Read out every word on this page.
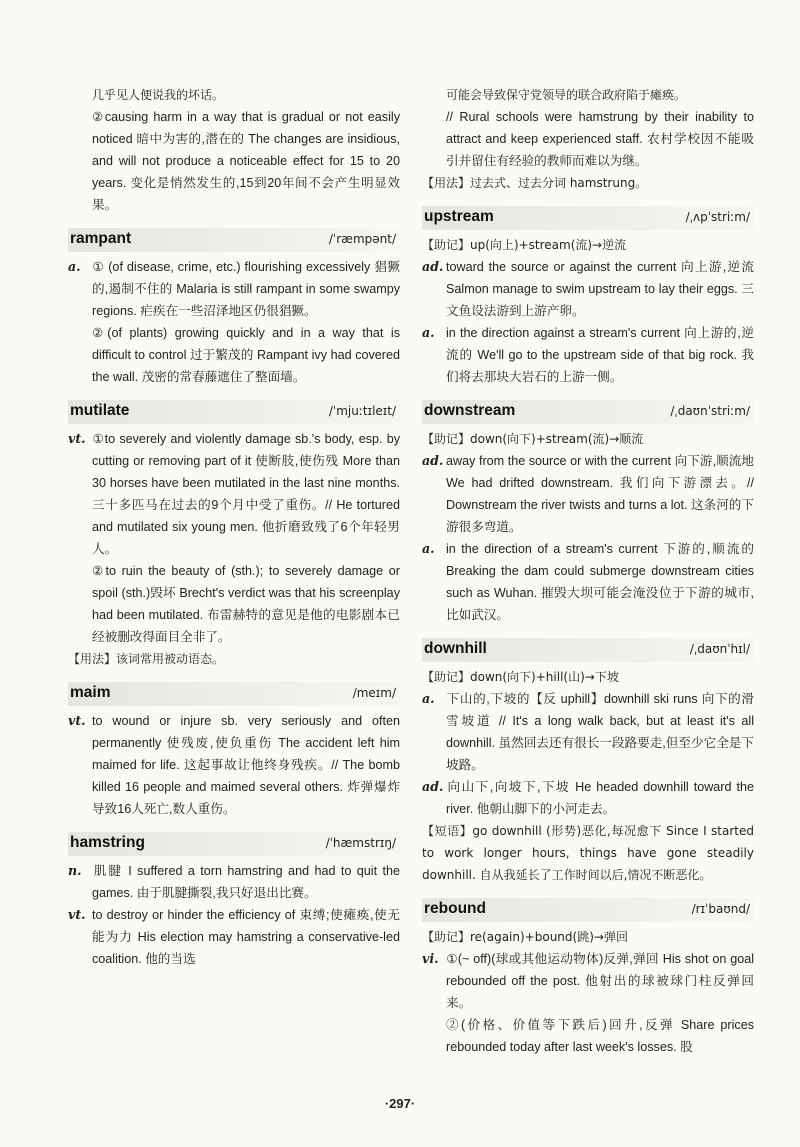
几乎见人便说我的坏话。

②causing harm in a way that is gradual or not easily noticed 暗中为害的,潜在的 The changes are insidious, and will not produce a noticeable effect for 15 to 20 years. 变化是悄然发生的,15到20年间不会产生明显效果。

rampant	/ˈræmpənt/

a. ① (of disease, crime, etc.) flourishing excessively 猖獗的,遏制不住的 Malaria is still rampant in some swampy regions. 疟疾在一些沼泽地区仍很猖獗。

②(of plants) growing quickly and in a way that is difficult to control 过于繁茂的 Rampant ivy had covered the wall. 茂密的常春藤遮住了整面墙。

mutilate	/ˈmjuːtɪleɪt/

vt. ①to severely and violently damage sb.'s body, esp. by cutting or removing part of it 使断肢,使伤残 More than 30 horses have been mutilated in the last nine months. 三十多匹马在过去的9个月中受了重伤。// He tortured and mutilated six young men. 他折磨致残了6个年轻男人。

②to ruin the beauty of (sth.); to severely damage or spoil (sth.)毁坏 Brecht's verdict was that his screenplay had been mutilated. 布雷赫特的意见是他的电影剧本已经被删改得面目全非了。

【用法】该词常用被动语态。

maim	/meɪm/

vt. to wound or injure sb. very seriously and often permanently 使残废,使负重伤 The accident left him maimed for life. 这起事故让他终身残疾。// The bomb killed 16 people and maimed several others. 炸弹爆炸导致16人死亡,数人重伤。

hamstring	/ˈhæmstrɪŋ/

n. 肌腱 I suffered a torn hamstring and had to quit the games. 由于肌腱撕裂,我只好退出比赛。

vt. to destroy or hinder the efficiency of 束缚;使瘫痪,使无能为力 His election may hamstring a conservative-led coalition. 他的当选

可能会导致保守党领导的联合政府陷于瘫痪。

// Rural schools were hamstrung by their inability to attract and keep experienced staff. 农村学校因不能吸引并留住有经验的教师而难以为继。

【用法】过去式、过去分词 hamstrung。

upstream	/ˌʌpˈstriːm/

【助记】up(向上)+stream(流)→逆流

ad. toward the source or against the current 向上游,逆流 Salmon manage to swim upstream to lay their eggs. 三文鱼设法游到上游产卵。

a. in the direction against a stream's current 向上游的,逆流的 We'll go to the upstream side of that big rock. 我们将去那块大岩石的上游一侧。

downstream	/ˌdaʊnˈstriːm/

【助记】down(向下)+stream(流)→顺流

ad. away from the source or with the current 向下游,顺流地 We had drifted downstream. 我们向下游漂去。// Downstream the river twists and turns a lot. 这条河的下游很多弯道。

a. in the direction of a stream's current 下游的,顺流的 Breaking the dam could submerge downstream cities such as Wuhan. 摧毁大坝可能会淹没位于下游的城市,比如武汉。

downhill	/ˌdaʊnˈhɪl/

【助记】down(向下)+hill(山)→下坡

a. 下山的,下坡的【反 uphill】downhill ski runs 向下的滑雪坡道 // It's a long walk back, but at least it's all downhill. 虽然回去还有很长一段路要走,但至少它全是下坡路。

ad. 向山下,向坡下,下坡 He headed downhill toward the river. 他朝山脚下的小河走去。

【短语】go downhill (形势)恶化,每况愈下 Since I started to work longer hours, things have gone steadily downhill. 自从我延长了工作时间以后,情况不断恶化。

rebound	/rɪˈbaʊnd/

【助记】re(again)+bound(跳)→弹回

vi. ①(~ off)(球或其他运动物体)反弹,弹回 His shot on goal rebounded off the post. 他射出的球被球门柱反弹回来。

②(价格、价值等下跌后)回升,反弹 Share prices rebounded today after last week's losses. 股

·297·
